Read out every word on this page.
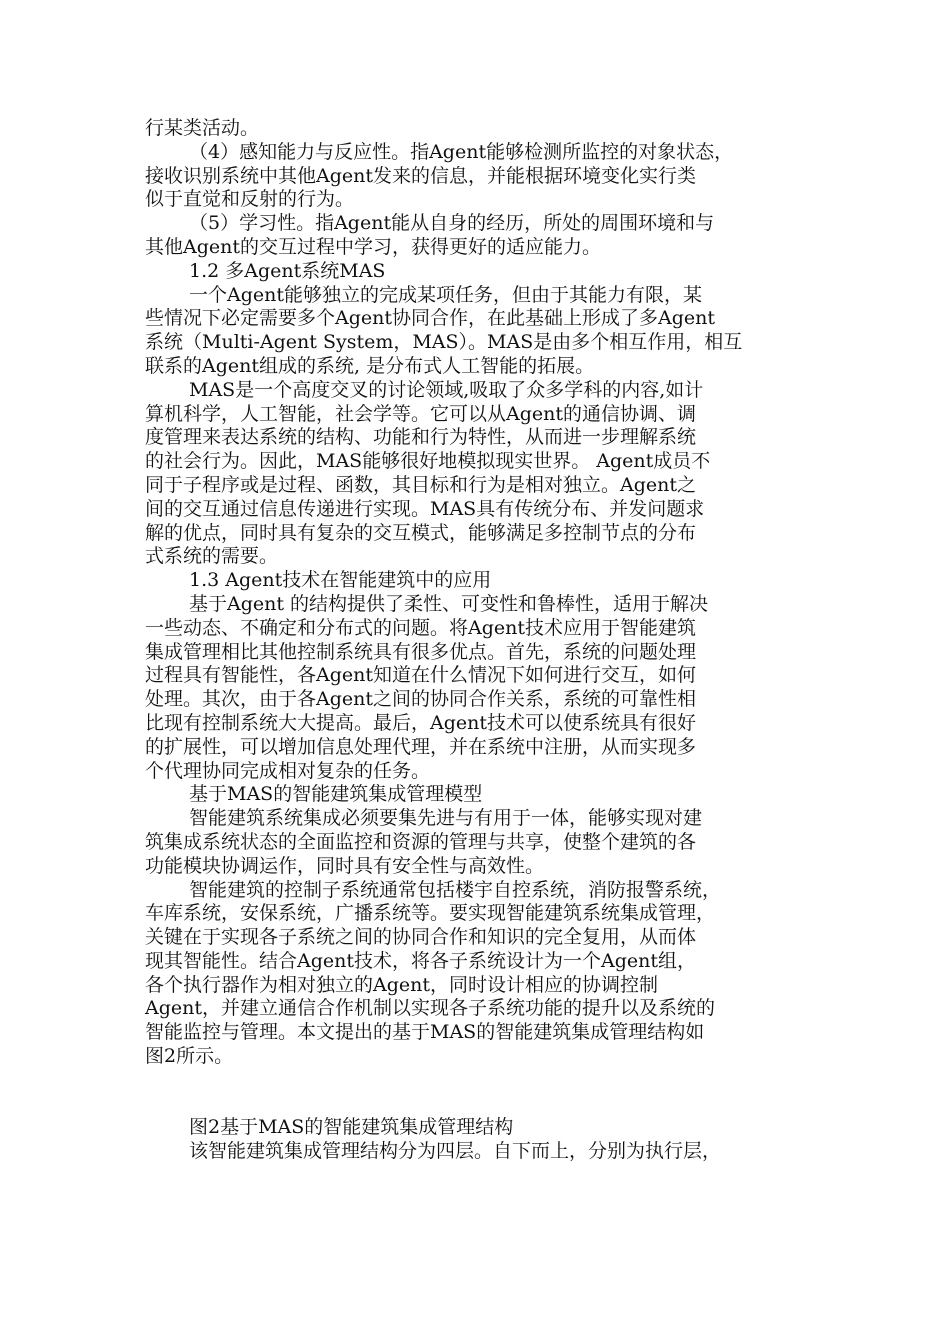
行某类活动。
（4）感知能力与反应性。指Agent能够检测所监控的对象状态，
接收识别系统中其他Agent发来的信息，并能根据环境变化实行类
似于直觉和反射的行为。
（5）学习性。指Agent能从自身的经历，所处的周围环境和与
其他Agent的交互过程中学习，获得更好的适应能力。
1.2 多Agent系统MAS
一个Agent能够独立的完成某项任务，但由于其能力有限，某
些情况下必定需要多个Agent协同合作，在此基础上形成了多Agent
系统（Multi-Agent System，MAS）。MAS是由多个相互作用，相互
联系的Agent组成的系统, 是分布式人工智能的拓展。
MAS是一个高度交叉的讨论领域,吸取了众多学科的内容,如计
算机科学，人工智能，社会学等。它可以从Agent的通信协调、调
度管理来表达系统的结构、功能和行为特性，从而进一步理解系统
的社会行为。因此，MAS能够很好地模拟现实世界。 Agent成员不
同于子程序或是过程、函数，其目标和行为是相对独立。Agent之
间的交互通过信息传递进行实现。MAS具有传统分布、并发问题求
解的优点，同时具有复杂的交互模式，能够满足多控制节点的分布
式系统的需要。
1.3 Agent技术在智能建筑中的应用
基于Agent 的结构提供了柔性、可变性和鲁棒性，适用于解决
一些动态、不确定和分布式的问题。将Agent技术应用于智能建筑
集成管理相比其他控制系统具有很多优点。首先，系统的问题处理
过程具有智能性，各Agent知道在什么情况下如何进行交互，如何
处理。其次，由于各Agent之间的协同合作关系，系统的可靠性相
比现有控制系统大大提高。最后，Agent技术可以使系统具有很好
的扩展性，可以增加信息处理代理，并在系统中注册，从而实现多
个代理协同完成相对复杂的任务。
基于MAS的智能建筑集成管理模型
智能建筑系统集成必须要集先进与有用于一体，能够实现对建
筑集成系统状态的全面监控和资源的管理与共享，使整个建筑的各
功能模块协调运作，同时具有安全性与高效性。
智能建筑的控制子系统通常包括楼宇自控系统，消防报警系统，
车库系统，安保系统，广播系统等。要实现智能建筑系统集成管理，
关键在于实现各子系统之间的协同合作和知识的完全复用，从而体
现其智能性。结合Agent技术，将各子系统设计为一个Agent组，
各个执行器作为相对独立的Agent，同时设计相应的协调控制
Agent，并建立通信合作机制以实现各子系统功能的提升以及系统的
智能监控与管理。本文提出的基于MAS的智能建筑集成管理结构如
图2所示。
图2基于MAS的智能建筑集成管理结构
该智能建筑集成管理结构分为四层。自下而上，分别为执行层，
